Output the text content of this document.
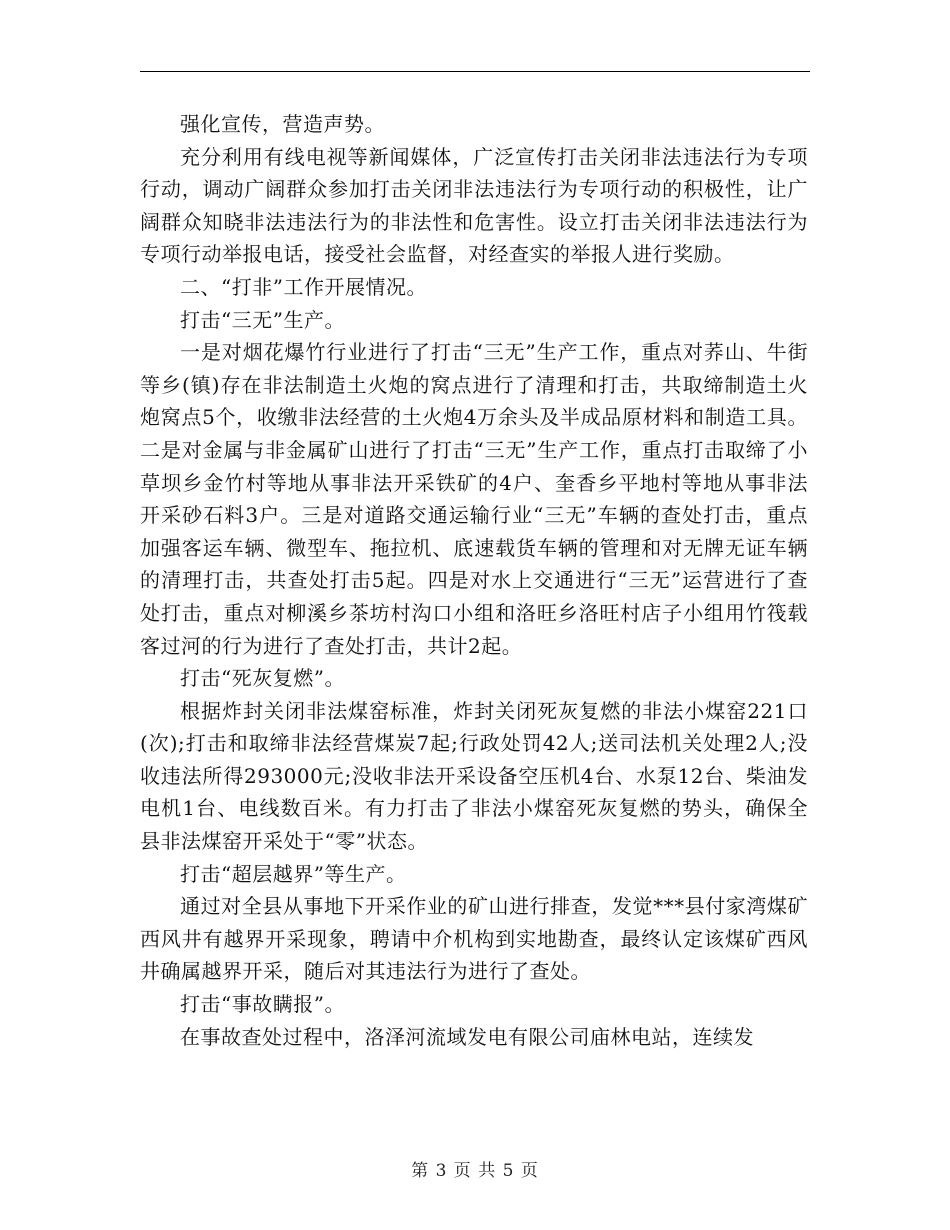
强化宣传，营造声势。

充分利用有线电视等新闻媒体，广泛宣传打击关闭非法违法行为专项行动，调动广阔群众参加打击关闭非法违法行为专项行动的积极性，让广阔群众知晓非法违法行为的非法性和危害性。设立打击关闭非法违法行为专项行动举报电话，接受社会监督，对经查实的举报人进行奖励。

二、“打非”工作开展情况。

打击“三无”生产。

一是对烟花爆竹行业进行了打击“三无”生产工作，重点对荞山、牛街等乡(镇)存在非法制造土火炮的窝点进行了清理和打击，共取缔制造土火炮窝点5个，收缴非法经营的土火炮4万余头及半成品原材料和制造工具。二是对金属与非金属矿山进行了打击“三无”生产工作，重点打击取缔了小草坝乡金竹村等地从事非法开采铁矿的4户、奎香乡平地村等地从事非法开采砂石料3户。三是对道路交通运输行业“三无”车辆的查处打击，重点加强客运车辆、微型车、拖拉机、底速载货车辆的管理和对无牌无证车辆的清理打击，共查处打击5起。四是对水上交通进行“三无”运营进行了查处打击，重点对柳溪乡茶坊村沟口小组和洛旺乡洛旺村店子小组用竹筏载客过河的行为进行了查处打击，共计2起。

打击“死灰复燃”。

根据炸封关闭非法煤窑标准，炸封关闭死灰复燃的非法小煤窑221口(次);打击和取缔非法经营煤炭7起;行政处罚42人;送司法机关处理2人;没收违法所得293000元;没收非法开采设备空压机4台、水泵12台、柴油发电机1台、电线数百米。有力打击了非法小煤窑死灰复燃的势头，确保全县非法煤窑开采处于“零”状态。

打击“超层越界”等生产。

通过对全县从事地下开采作业的矿山进行排查，发觉***县付家湾煤矿西风井有越界开采现象，聘请中介机构到实地勘查，最终认定该煤矿西风井确属越界开采，随后对其违法行为进行了查处。

打击“事故瞒报”。

在事故查处过程中，洛泽河流域发电有限公司庙林电站，连续发

第 3 页 共 5 页
